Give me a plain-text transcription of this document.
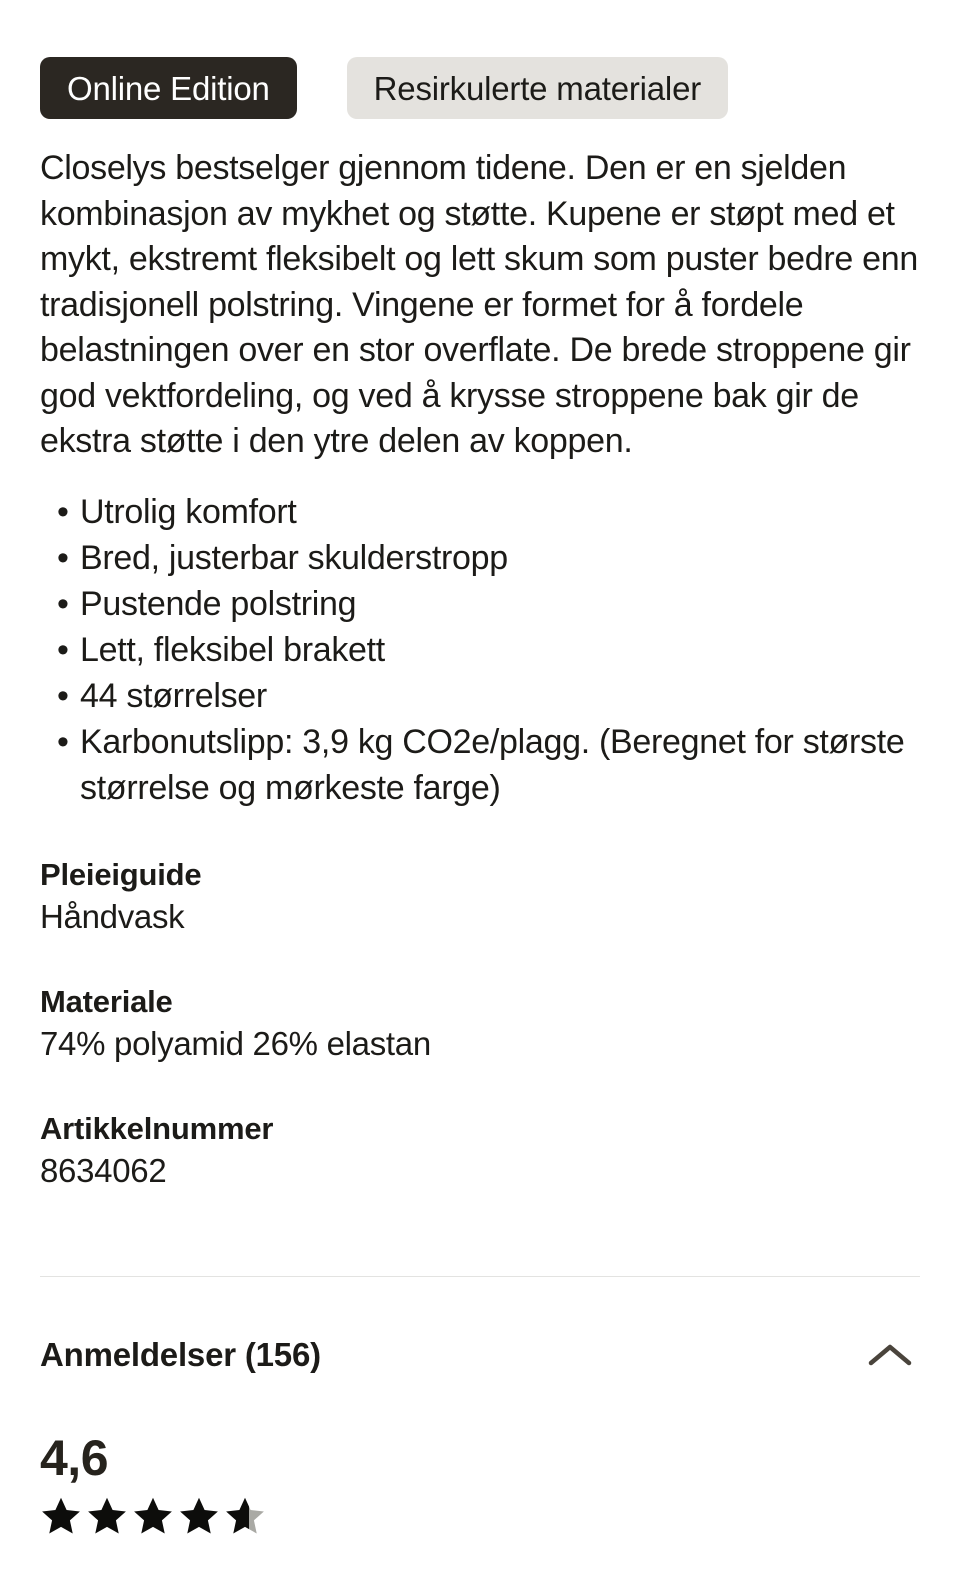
Online Edition	Resirkulerte materialer

Closelys bestselger gjennom tidene. Den er en sjelden kombinasjon av mykhet og støtte. Kupene er støpt med et mykt, ekstremt fleksibelt og lett skum som puster bedre enn tradisjonell polstring. Vingene er formet for å fordele belastningen over en stor overflate. De brede stroppene gir god vektfordeling, og ved å krysse stroppene bak gir de ekstra støtte i den ytre delen av koppen.

• Utrolig komfort
• Bred, justerbar skulderstropp
• Pustende polstring
• Lett, fleksibel brakett
• 44 størrelser
• Karbonutslipp: 3,9 kg CO2e/plagg. (Beregnet for største størrelse og mørkeste farge)
Pleieiguide
Håndvask
Materiale
74% polyamid 26% elastan
Artikkelnummer
8634062
Anmeldelser (156)
4,6
